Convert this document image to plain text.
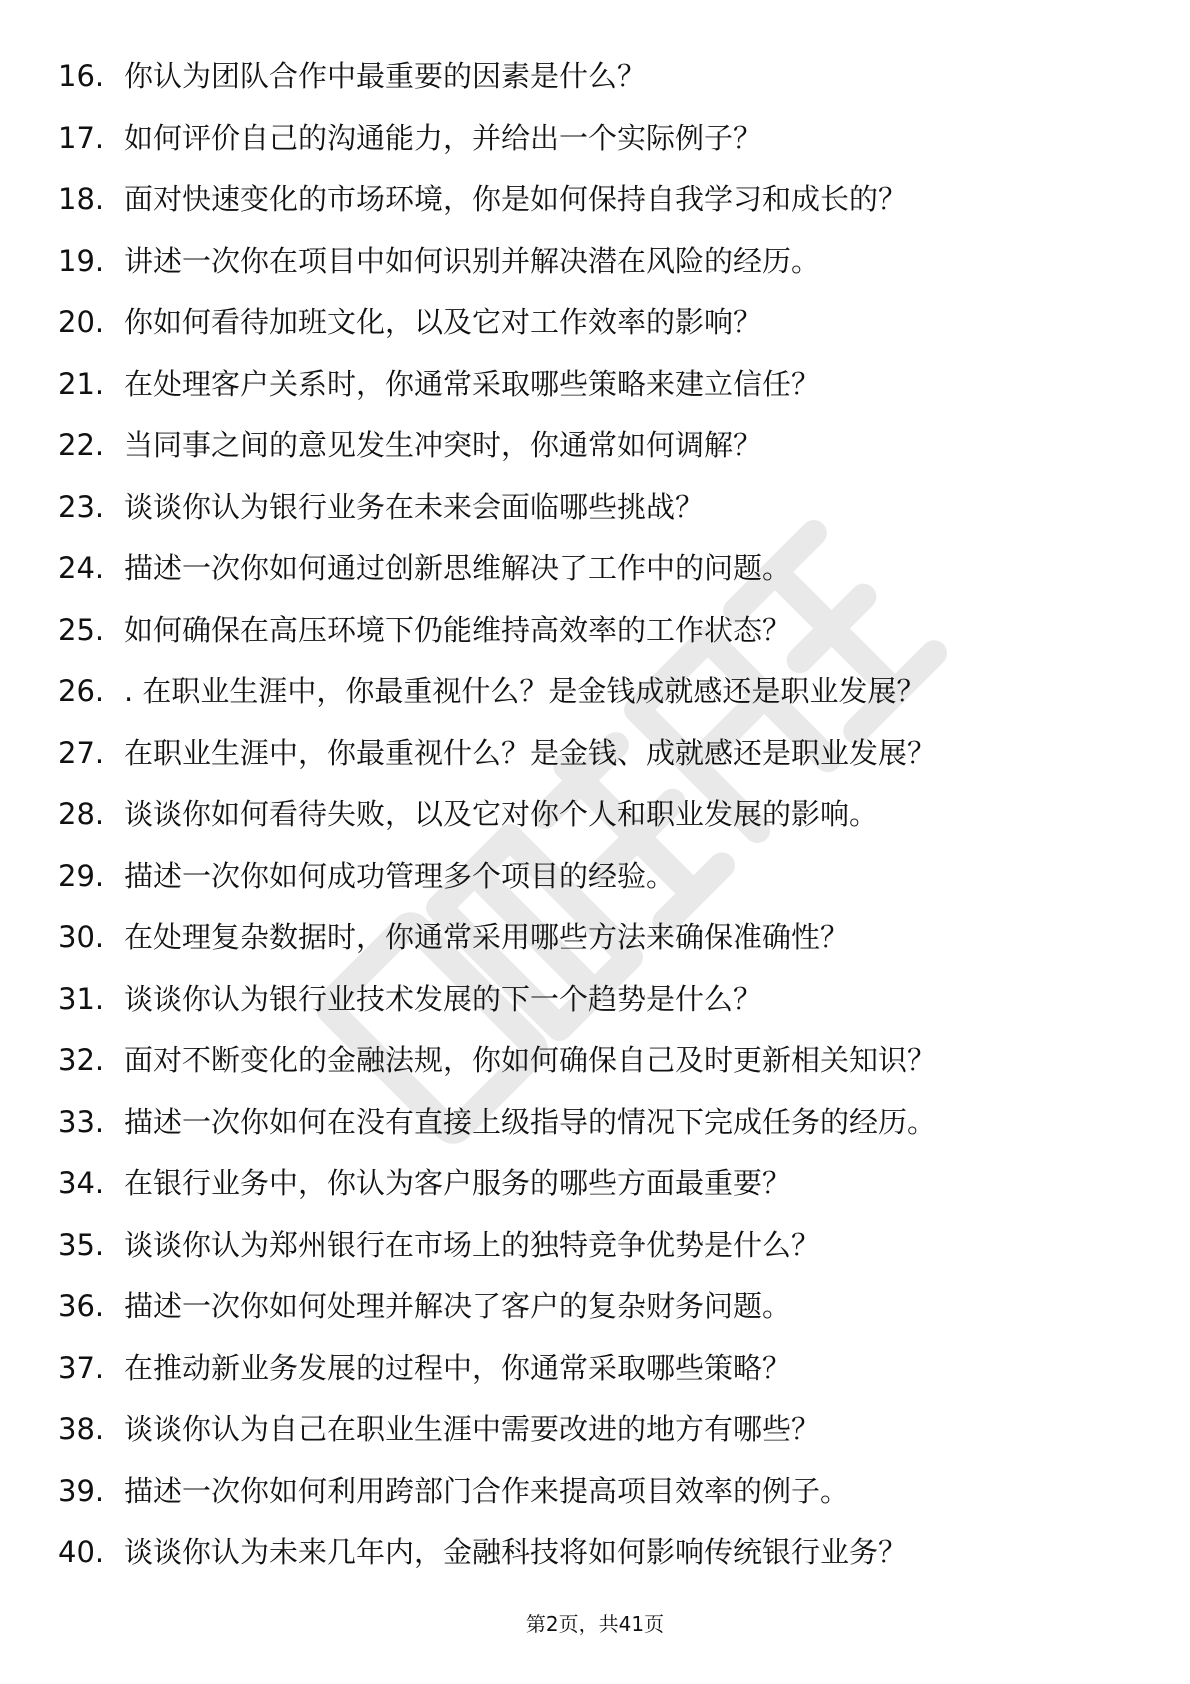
16. 你认为团队合作中最重要的因素是什么？
17. 如何评价自己的沟通能力，并给出一个实际例子？
18. 面对快速变化的市场环境，你是如何保持自我学习和成长的？
19. 讲述一次你在项目中如何识别并解决潜在风险的经历。
20. 你如何看待加班文化，以及它对工作效率的影响？
21. 在处理客户关系时，你通常采取哪些策略来建立信任？
22. 当同事之间的意见发生冲突时，你通常如何调解？
23. 谈谈你认为银行业务在未来会面临哪些挑战？
24. 描述一次你如何通过创新思维解决了工作中的问题。
25. 如何确保在高压环境下仍能维持高效率的工作状态？
26. . 在职业生涯中，你最重视什么？是金钱成就感还是职业发展？
27. 在职业生涯中，你最重视什么？是金钱、成就感还是职业发展？
28. 谈谈你如何看待失败，以及它对你个人和职业发展的影响。
29. 描述一次你如何成功管理多个项目的经验。
30. 在处理复杂数据时，你通常采用哪些方法来确保准确性？
31. 谈谈你认为银行业技术发展的下一个趋势是什么？
32. 面对不断变化的金融法规，你如何确保自己及时更新相关知识？
33. 描述一次你如何在没有直接上级指导的情况下完成任务的经历。
34. 在银行业务中，你认为客户服务的哪些方面最重要？
35. 谈谈你认为郑州银行在市场上的独特竞争优势是什么？
36. 描述一次你如何处理并解决了客户的复杂财务问题。
37. 在推动新业务发展的过程中，你通常采取哪些策略？
38. 谈谈你认为自己在职业生涯中需要改进的地方有哪些？
39. 描述一次你如何利用跨部门合作来提高项目效率的例子。
40. 谈谈你认为未来几年内，金融科技将如何影响传统银行业务？
第2页，共41页
